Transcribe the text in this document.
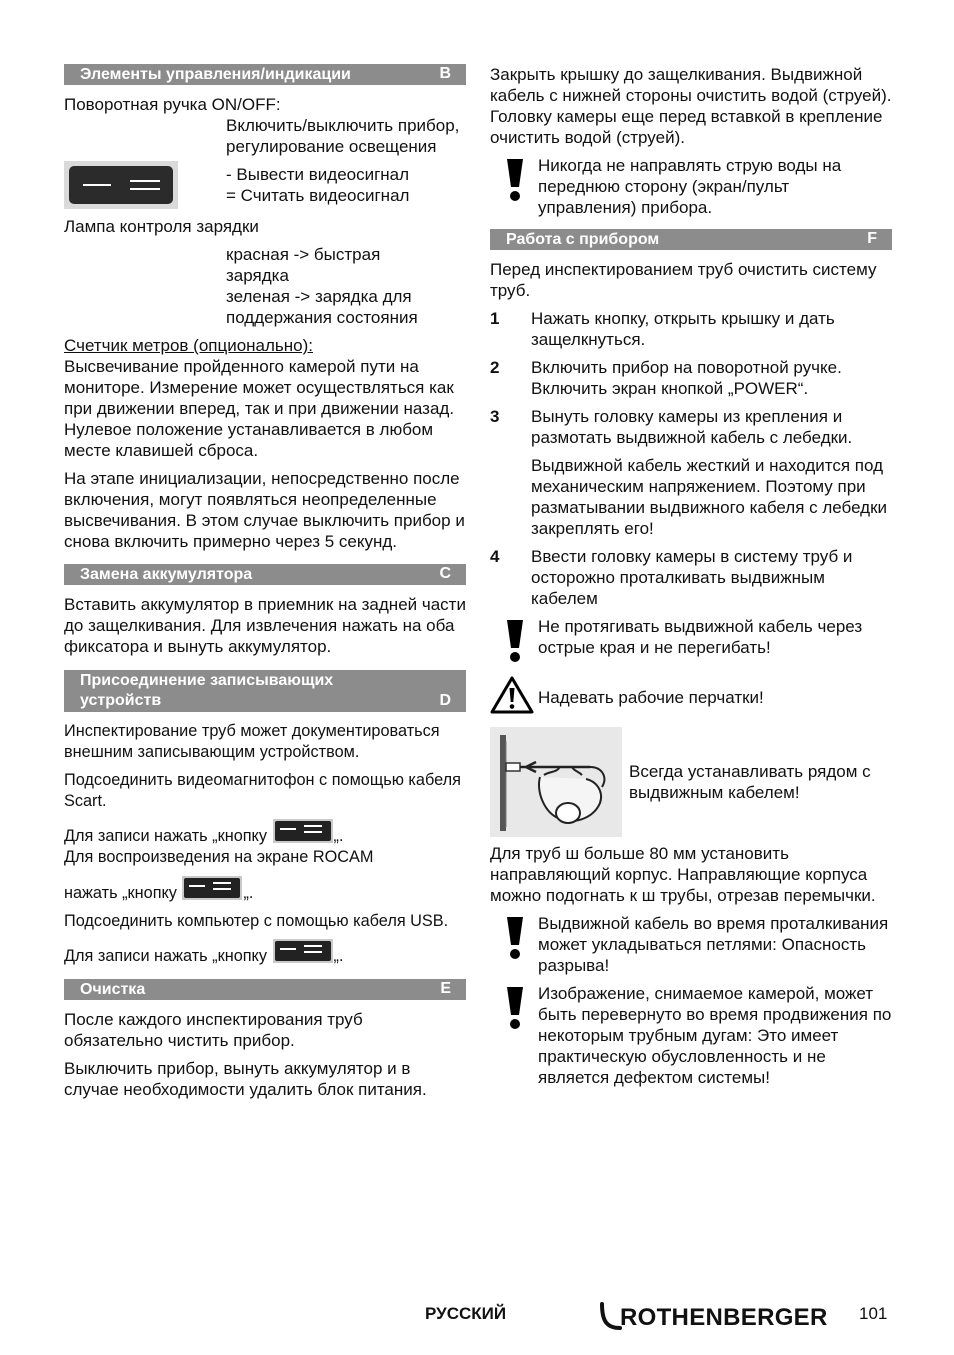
Элементы управления/индикации	B

Поворотная ручка ON/OFF:

Включить/выключить прибор, регулирование освещения

- Вывести видеосигнал

= Считать видеосигнал

Лампа контроля зарядки

красная -> быстрая зарядка

зеленая -> зарядка для поддержания состояния

Счетчик метров (опционально):

Высвечивание пройденного камерой пути на мониторе. Измерение может осуществляться как при движении вперед, так и при движении назад. Нулевое положение устанавливается в любом месте клавишей сброса.

На этапе инициализации, непосредственно после включения, могут появляться неопределенные высвечивания. В этом случае выключить прибор и снова включить примерно через 5 секунд.

Замена аккумулятора	C

Вставить аккумулятор в приемник на задней части до защелкивания. Для извлечения нажать на оба фиксатора и вынуть аккумулятор.

Присоединение записывающих
устройств	D

Инспектирование труб может документироваться внешним записывающим устройством.

Подсоединить видеомагнитофон с помощью кабеля Scart.

Для записи нажать „кнопку	„.

Для воспроизведения на экране ROCAM

нажать „кнопку	„.

Подсоединить компьютер с помощью кабеля USB.

Для записи нажать „кнопку	„.

Очистка	E

После каждого инспектирования труб обязательно чистить прибор.

Выключить прибор, вынуть аккумулятор и в случае необходимости удалить блок питания.

Закрыть крышку до защелкивания. Выдвижной кабель с нижней стороны очистить водой (струей). Головку камеры еще перед вставкой в крепление очистить водой (струей).

Никогда не направлять струю воды на переднюю сторону (экран/пульт управления) прибора.
Работа с прибором	F

Перед инспектированием труб очистить систему труб.

1	Нажать кнопку, открыть крышку и дать защелкнуться.
2	Включить прибор на поворотной ручке. Включить экран кнопкой „POWER“.
3	Вынуть головку камеры из крепления и размотать выдвижной кабель с лебедки.

Выдвижной кабель жесткий и находится под механическим напряжением. Поэтому при разматывании выдвижного кабеля с лебедки закреплять его!

4	Ввести головку камеры в систему труб и осторожно проталкивать выдвижным кабелем
Не протягивать выдвижной кабель через острые края и не перегибать!
Надевать рабочие перчатки!
Всегда устанавливать рядом с выдвижным кабелем!

Для труб ш больше 80 мм установить направляющий корпус. Направляющие корпуса можно подогнать к ш трубы, отрезав перемычки.

Выдвижной кабель во время проталкивания может укладываться петлями: Опасность разрыва!
Изображение, снимаемое камерой, может быть перевернуто во время продвижения по некоторым трубным дугам: Это имеет практическую обусловленность и не является дефектом системы!
РУССКИЙ	ROTHENBERGER 101
